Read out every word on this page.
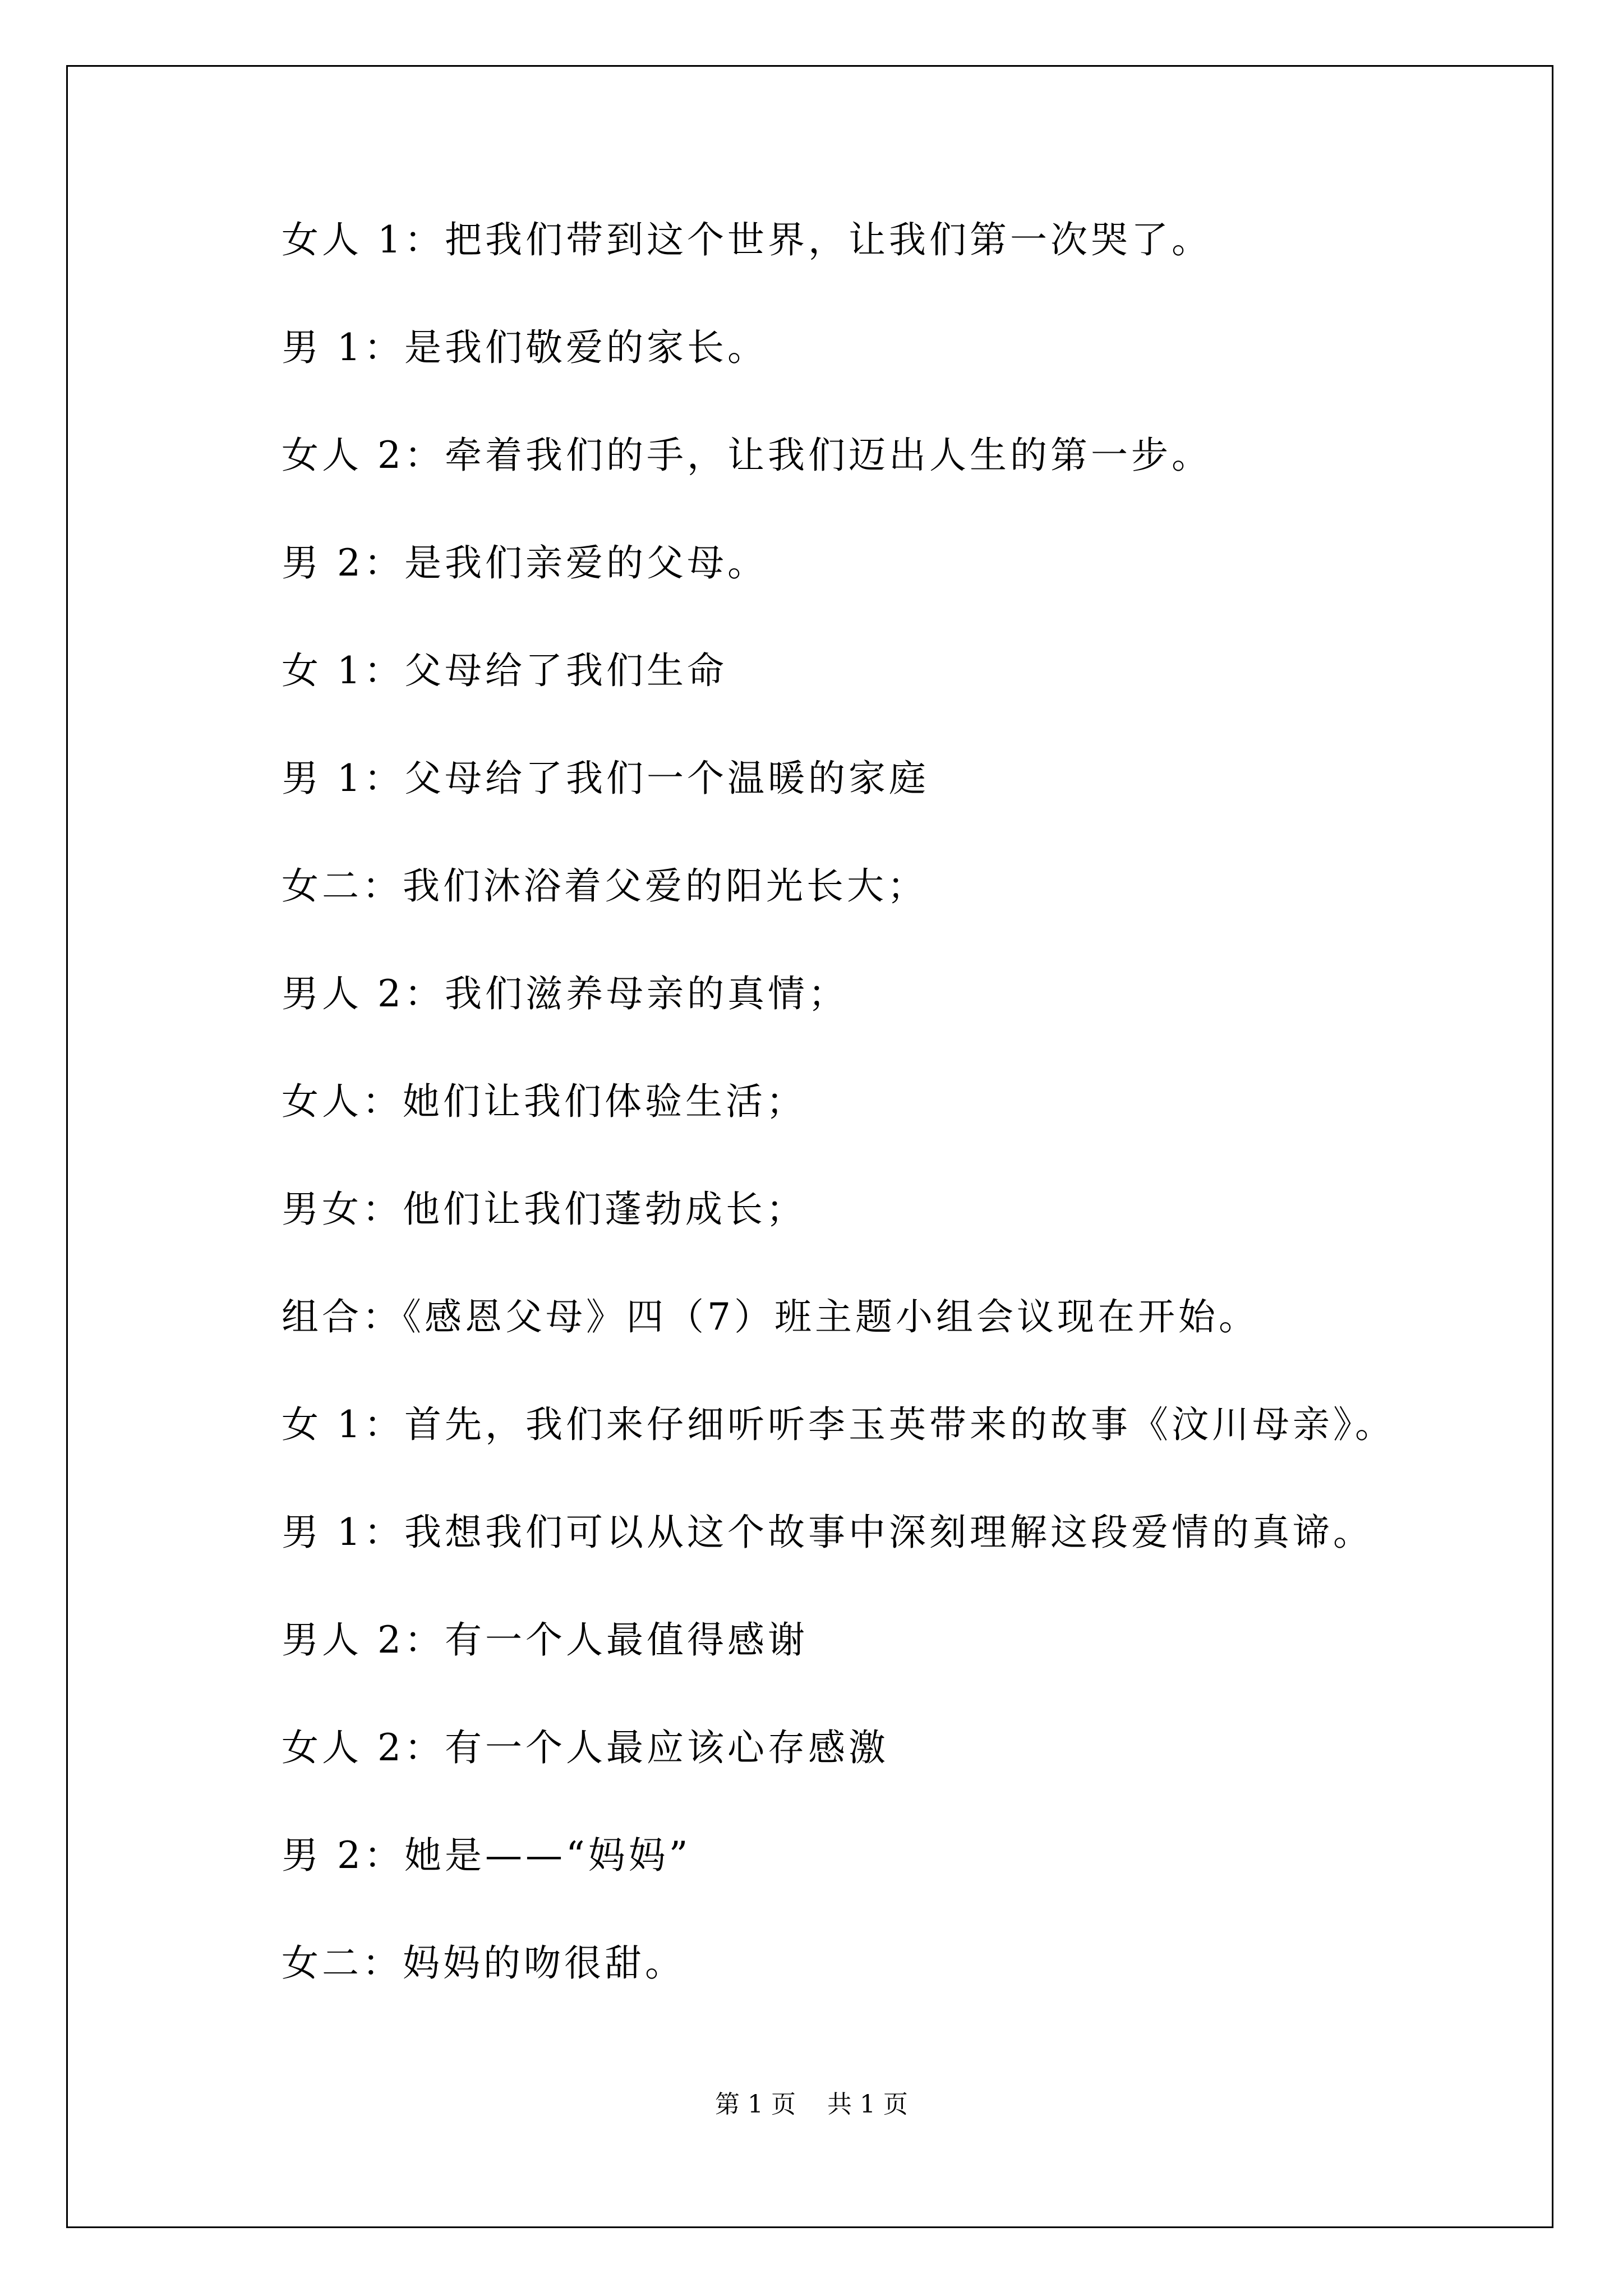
女人 1：把我们带到这个世界，让我们第一次哭了。
男 1：是我们敬爱的家长。
女人 2：牵着我们的手，让我们迈出人生的第一步。
男 2：是我们亲爱的父母。
女 1：父母给了我们生命
男 1：父母给了我们一个温暖的家庭
女二：我们沐浴着父爱的阳光长大；
男人 2：我们滋养母亲的真情；
女人：她们让我们体验生活；
男女：他们让我们蓬勃成长；
组合：《感恩父母》四（7）班主题小组会议现在开始。
女 1：首先，我们来仔细听听李玉英带来的故事《汶川母亲》。
男 1：我想我们可以从这个故事中深刻理解这段爱情的真谛。
男人 2：有一个人最值得感谢
女人 2：有一个人最应该心存感激
男 2：她是——“妈妈”
女二：妈妈的吻很甜。
第 1 页    共 1 页
